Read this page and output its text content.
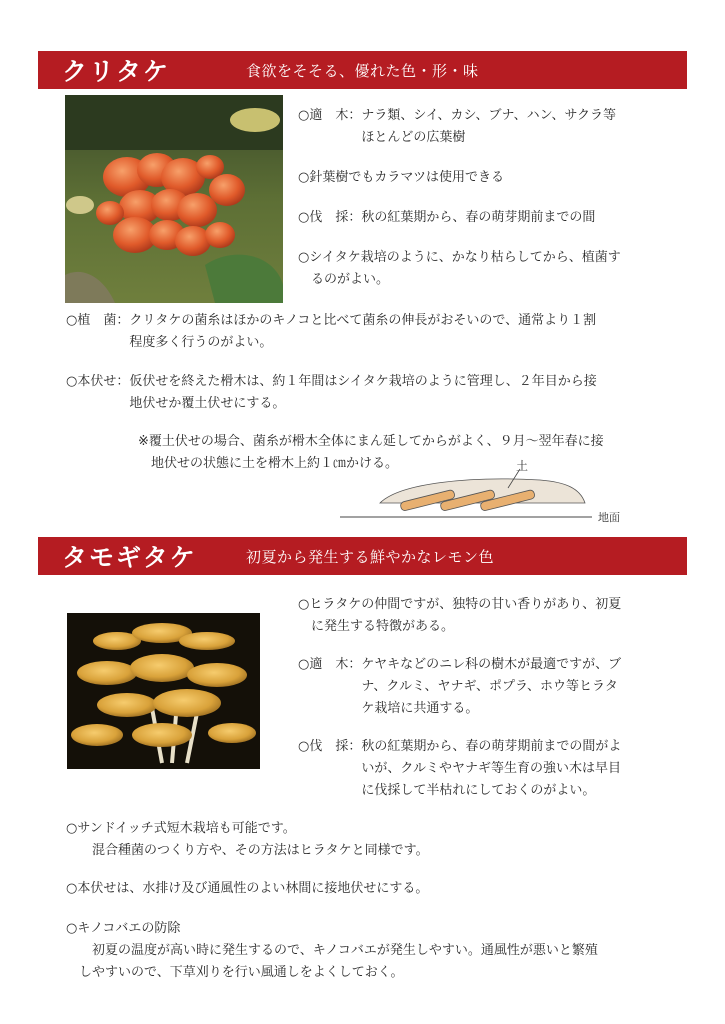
クリタケ	食欲をそそる、優れた色・形・味
○適　木： ナラ類、シイ、カシ、ブナ、ハン、サクラ等
ほとんどの広葉樹
○針葉樹でもカラマツは使用できる
○伐　採： 秋の紅葉期から、春の萌芽期前までの間
○シイタケ栽培のように、かなり枯らしてから、植菌す
　るのがよい。
○植　菌： クリタケの菌糸はほかのキノコと比べて菌糸の伸長がおそいので、通常より１割
程度多く行うのがよい。
○本伏せ： 仮伏せを終えた榾木は、約１年間はシイタケ栽培のように管理し、２年目から接
地伏せか覆土伏せにする。
※覆土伏せの場合、菌糸が榾木全体にまん延してからがよく、９月～翌年春に接
　地伏せの状態に土を榾木上約１㎝かける。	土
地面
タモギタケ	初夏から発生する鮮やかなレモン色
○ヒラタケの仲間ですが、独特の甘い香りがあり、初夏
　に発生する特徴がある。
○適　木： ケヤキなどのニレ科の樹木が最適ですが、ブ
ナ、クルミ、ヤナギ、ポプラ、ホウ等ヒラタ
ケ栽培に共通する。
○伐　採： 秋の紅葉期から、春の萌芽期前までの間がよ
いが、クルミやヤナギ等生育の強い木は早目
に伐採して半枯れにしておくのがよい。
○サンドイッチ式短木栽培も可能です。
　　混合種菌のつくり方や、その方法はヒラタケと同様です。
○本伏せは、水排け及び通風性のよい林間に接地伏せにする。
○キノコバエの防除
　　初夏の温度が高い時に発生するので、キノコバエが発生しやすい。通風性が悪いと繁殖
　しやすいので、下草刈りを行い風通しをよくしておく。
